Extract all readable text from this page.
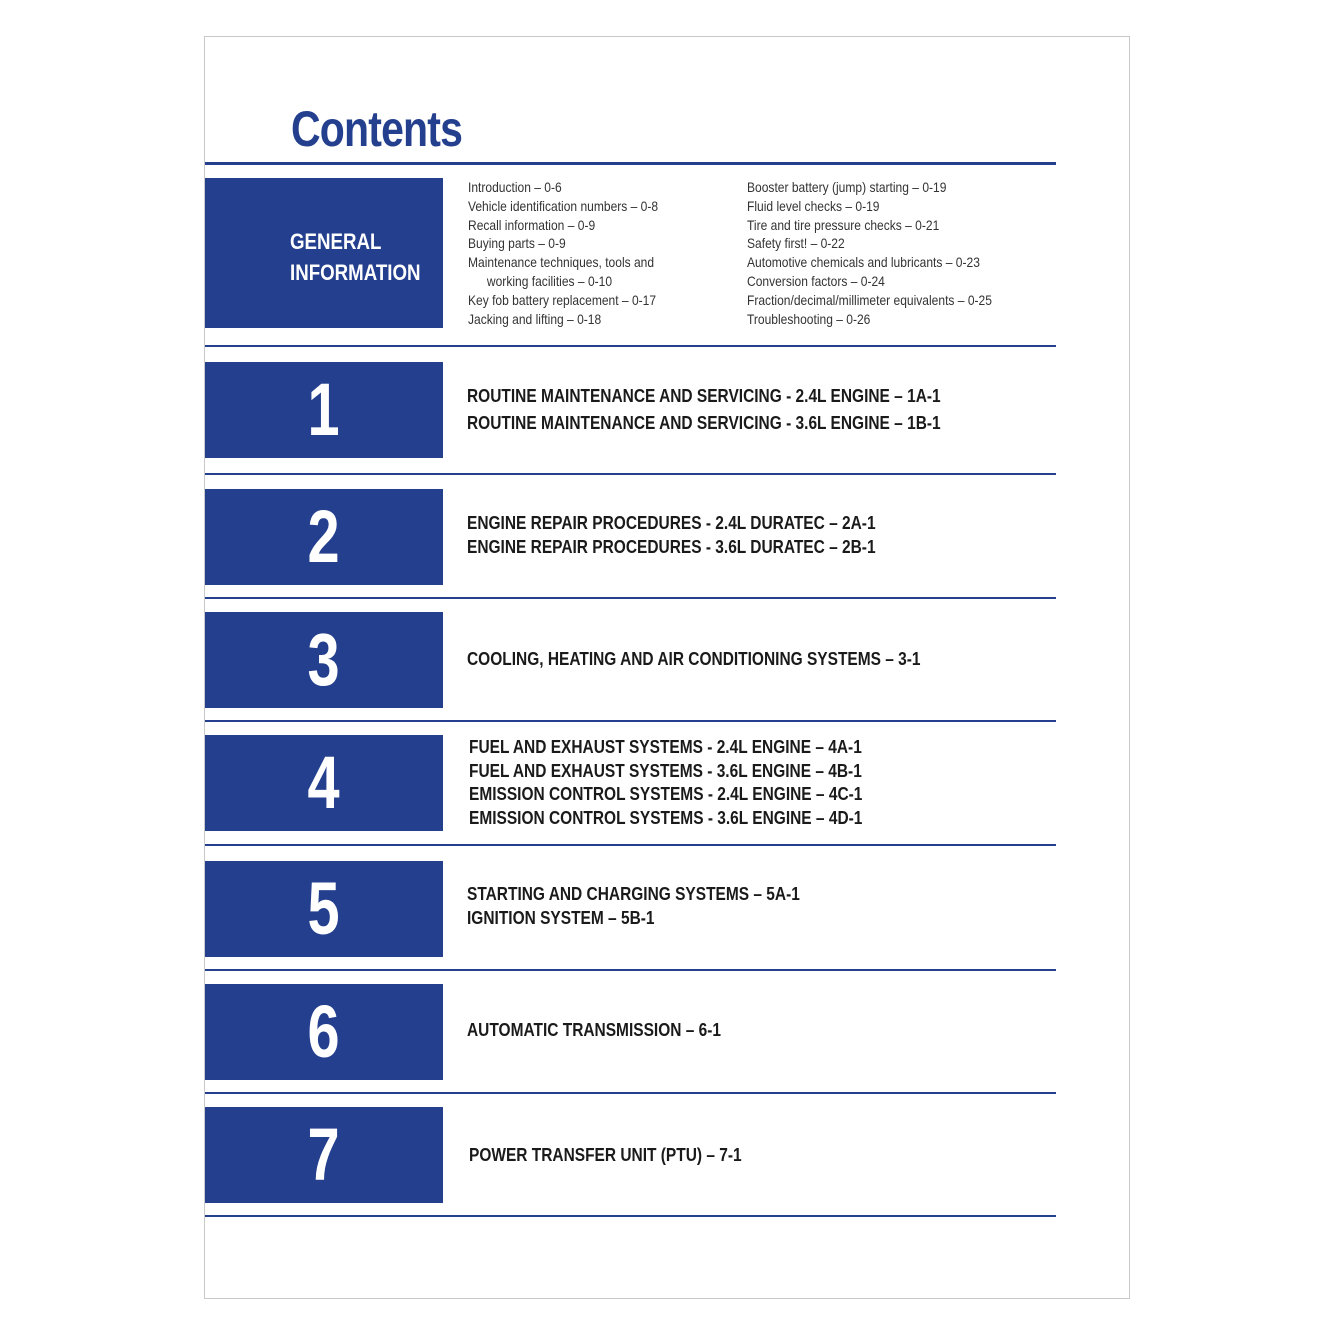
Contents
GENERAL
INFORMATION
Introduction – 0-6
Vehicle identification numbers – 0-8
Recall information – 0-9
Buying parts – 0-9
Maintenance techniques, tools and
working facilities – 0-10
Key fob battery replacement – 0-17
Jacking and lifting – 0-18
Booster battery (jump) starting – 0-19
Fluid level checks – 0-19
Tire and tire pressure checks – 0-21
Safety first! – 0-22
Automotive chemicals and lubricants – 0-23
Conversion factors – 0-24
Fraction/decimal/millimeter equivalents – 0-25
Troubleshooting – 0-26
1	ROUTINE MAINTENANCE AND SERVICING - 2.4L ENGINE – 1A-1
ROUTINE MAINTENANCE AND SERVICING - 3.6L ENGINE – 1B-1
2	ENGINE REPAIR PROCEDURES - 2.4L DURATEC – 2A-1
ENGINE REPAIR PROCEDURES - 3.6L DURATEC – 2B-1
3	COOLING, HEATING AND AIR CONDITIONING SYSTEMS – 3-1
4	FUEL AND EXHAUST SYSTEMS - 2.4L ENGINE – 4A-1
FUEL AND EXHAUST SYSTEMS - 3.6L ENGINE – 4B-1
EMISSION CONTROL SYSTEMS - 2.4L ENGINE – 4C-1
EMISSION CONTROL SYSTEMS - 3.6L ENGINE – 4D-1
5	STARTING AND CHARGING SYSTEMS – 5A-1
IGNITION SYSTEM – 5B-1
6	AUTOMATIC TRANSMISSION – 6-1
7	POWER TRANSFER UNIT (PTU) – 7-1
